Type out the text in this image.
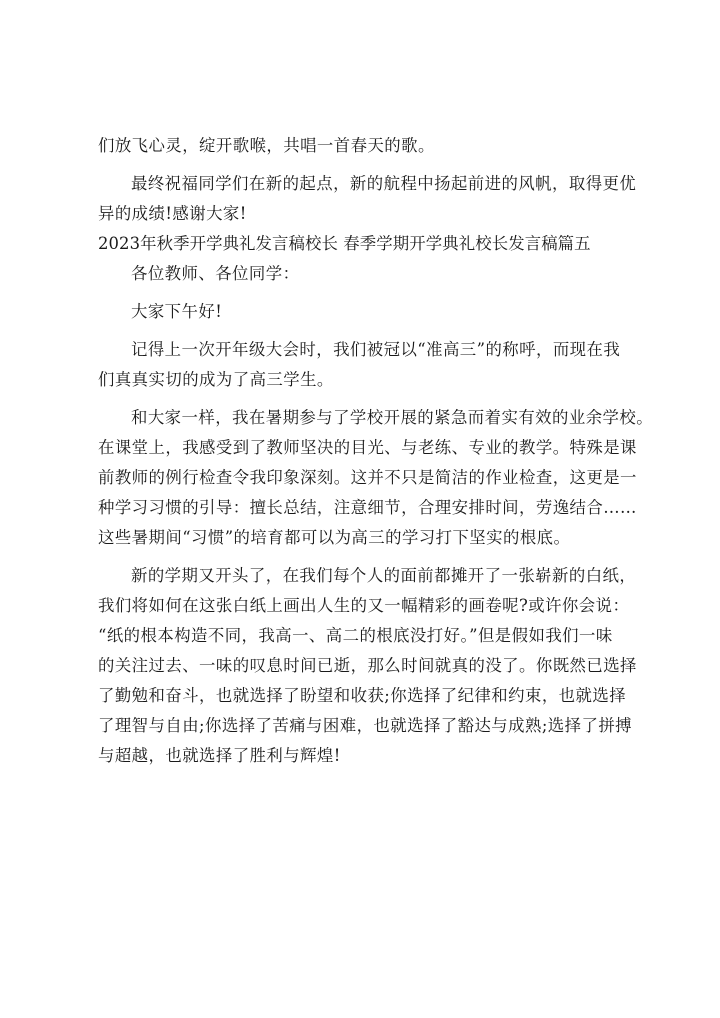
们放飞心灵，绽开歌喉，共唱一首春天的歌。

最终祝福同学们在新的起点，新的航程中扬起前进的风帆，取得更优

异的成绩!感谢大家!

2023年秋季开学典礼发言稿校长 春季学期开学典礼校长发言稿篇五

各位教师、各位同学：

大家下午好!

记得上一次开年级大会时，我们被冠以“准高三”的称呼，而现在我

们真真实切的成为了高三学生。

和大家一样，我在暑期参与了学校开展的紧急而着实有效的业余学校。

在课堂上，我感受到了教师坚决的目光、与老练、专业的教学。特殊是课

前教师的例行检查令我印象深刻。这并不只是简洁的作业检查，这更是一

种学习习惯的引导：擅长总结，注意细节，合理安排时间，劳逸结合……

这些暑期间“习惯”的培育都可以为高三的学习打下坚实的根底。

新的学期又开头了，在我们每个人的面前都摊开了一张崭新的白纸，

我们将如何在这张白纸上画出人生的又一幅精彩的画卷呢?或许你会说：

“纸的根本构造不同，我高一、高二的根底没打好。”但是假如我们一味

的关注过去、一味的叹息时间已逝，那么时间就真的没了。你既然已选择

了勤勉和奋斗，也就选择了盼望和收获;你选择了纪律和约束，也就选择

了理智与自由;你选择了苦痛与困难，也就选择了豁达与成熟;选择了拼搏

与超越，也就选择了胜利与辉煌!
